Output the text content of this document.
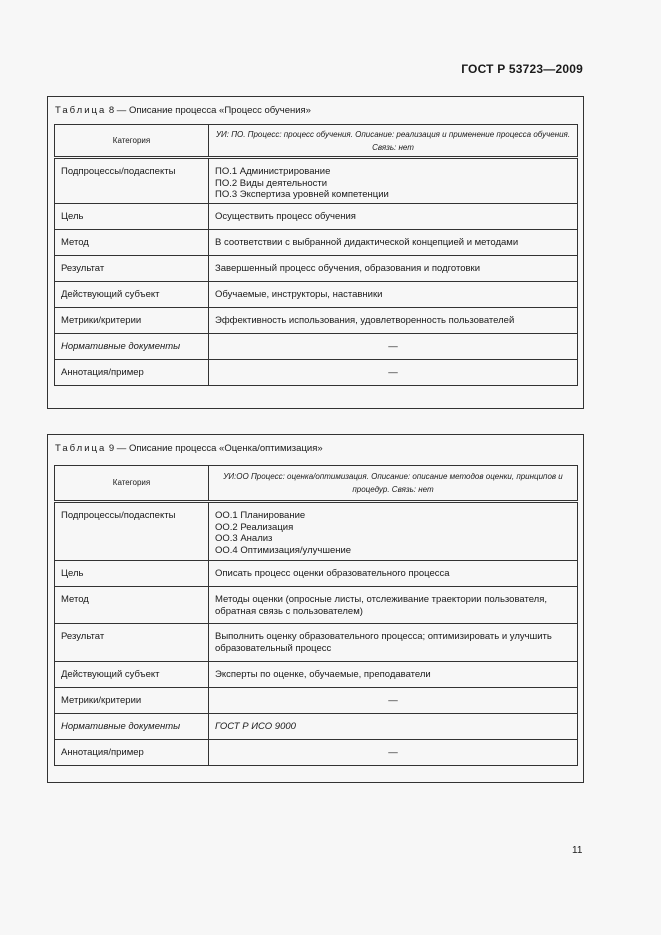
ГОСТ Р 53723—2009
Таблица 8 — Описание процесса «Процесс обучения»
Категория	УИ: ПО. Процесс: процесс обучения. Описание: реализация и применение процесса обучения. Связь: нет
Подпроцессы/подаспекты	ПО.1 Администрирование
ПО.2 Виды деятельности
ПО.3 Экспертиза уровней компетенции

Цель	Осуществить процесс обучения
Метод	В соответствии с выбранной дидактической концепцией и методами
Результат	Завершенный процесс обучения, образования и подготовки
Действующий субъект	Обучаемые, инструкторы, наставники
Метрики/критерии	Эффективность использования, удовлетворенность пользователей
Нормативные документы	—
Аннотация/пример	—
Таблица 9 — Описание процесса «Оценка/оптимизация»
Категория	УИ:ОО Процесс: оценка/оптимизация. Описание: описание методов оценки, принципов и процедур. Связь: нет
Подпроцессы/подаспекты	ОО.1 Планирование
ОО.2 Реализация
ОО.3 Анализ
ОО.4 Оптимизация/улучшение

Цель	Описать процесс оценки образовательного процесса
Метод	Методы оценки (опросные листы, отслеживание траектории пользователя, обратная связь с пользователем)
Результат	Выполнить оценку образовательного процесса; оптимизировать и улучшить образовательный процесс
Действующий субъект	Эксперты по оценке, обучаемые, преподаватели
Метрики/критерии	—
Нормативные документы	ГОСТ Р ИСО 9000
Аннотация/пример	—
11
